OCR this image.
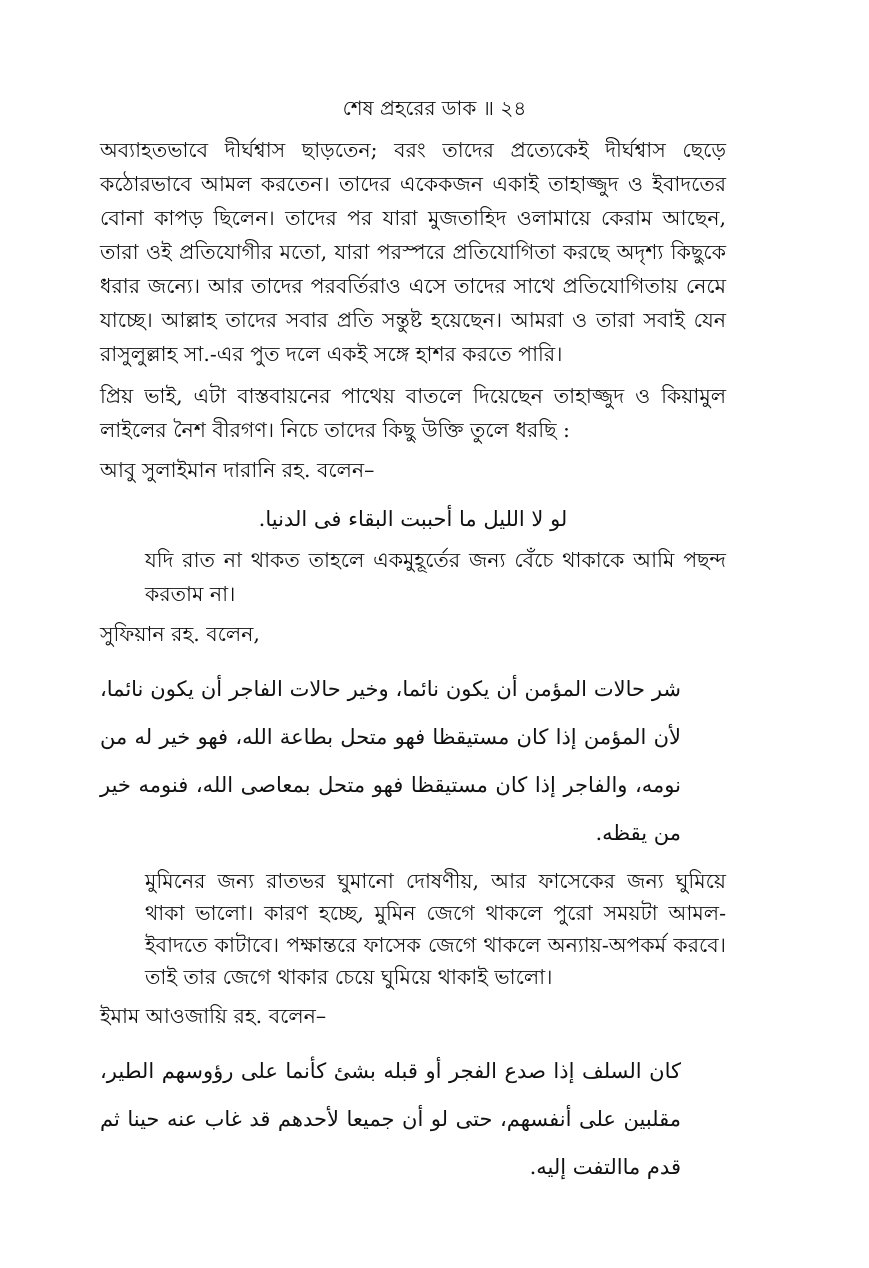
শেষ প্রহরের ডাক ॥ ২৪

অব্যাহতভাবে দীর্ঘশ্বাস ছাড়তেন; বরং তাদের প্রত্যেকেই দীর্ঘশ্বাস ছেড়ে কঠোরভাবে আমল করতেন। তাদের একেকজন একাই তাহাজ্জুদ ও ইবাদতের বোনা কাপড় ছিলেন। তাদের পর যারা মুজতাহিদ ওলামায়ে কেরাম আছেন, তারা ওই প্রতিযোগীর মতো, যারা পরস্পরে প্রতিযোগিতা করছে অদৃশ্য কিছুকে ধরার জন্যে। আর তাদের পরবর্তিরাও এসে তাদের সাথে প্রতিযোগিতায় নেমে যাচ্ছে। আল্লাহ তাদের সবার প্রতি সন্তুষ্ট হয়েছেন। আমরা ও তারা সবাই যেন রাসুলুল্লাহ সা.-এর পুত দলে একই সঙ্গে হাশর করতে পারি।

প্রিয় ভাই, এটা বাস্তবায়নের পাথেয় বাতলে দিয়েছেন তাহাজ্জুদ ও কিয়ামুল লাইলের নৈশ বীরগণ। নিচে তাদের কিছু উক্তি তুলে ধরছি :

আবু সুলাইমান দারানি রহ. বলেন–

لو لا الليل ما أحببت البقاء فى الدنيا.

যদি রাত না থাকত তাহলে একমুহূর্তের জন্য বেঁচে থাকাকে আমি পছন্দ করতাম না।

সুফিয়ান রহ. বলেন,

شر حالات المؤمن أن يكون نائما، وخير حالات الفاجر أن يكون نائما، لأن المؤمن إذا كان مستيقظا فهو متحل بطاعة الله، فهو خير له من نومه، والفاجر إذا كان مستيقظا فهو متحل بمعاصى الله، فنومه خير من يقظه.

মুমিনের জন্য রাতভর ঘুমানো দোষণীয়, আর ফাসেকের জন্য ঘুমিয়ে থাকা ভালো। কারণ হচ্ছে, মুমিন জেগে থাকলে পুরো সময়টা আমল-ইবাদতে কাটাবে। পক্ষান্তরে ফাসেক জেগে থাকলে অন্যায়-অপকর্ম করবে। তাই তার জেগে থাকার চেয়ে ঘুমিয়ে থাকাই ভালো।

ইমাম আওজায়ি রহ. বলেন–

كان السلف إذا صدع الفجر أو قبله بشئ كأنما على رؤوسهم الطير، مقلبين على أنفسهم، حتى لو أن جميعا لأحدهم قد غاب عنه حينا ثم قدم ماالتفت إليه.
